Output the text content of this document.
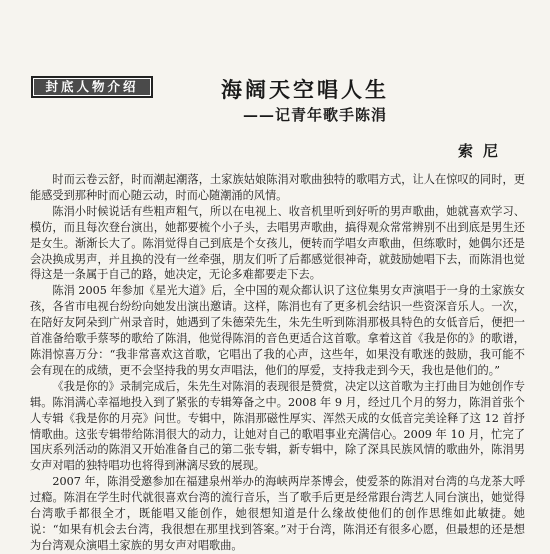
封底人物介绍	海阔天空唱人生
——记青年歌手陈涓
索尼

时而云卷云舒，时而潮起潮落，土家族姑娘陈涓对歌曲独特的歌唱方式，让人在惊叹的同时，更能感受到那种时而心随云动，时而心随潮涌的风情。

陈涓小时候说话有些粗声粗气，所以在电视上、收音机里听到好听的男声歌曲，她就喜欢学习、模仿，而且每次登台演出，她都要梳个小子头，去唱男声歌曲，搞得观众常常辨别不出到底是男生还是女生。渐渐长大了。陈涓觉得自己到底是个女孩儿，便转而学唱女声歌曲，但练歌时，她偶尔还是会决换成男声，并且换的没有一丝牵强，朋友们听了后都感觉很神奇，就鼓励她唱下去，而陈涓也觉得这是一条属于自己的路，她决定，无论多难都要走下去。

陈涓 2005 年参加《星光大道》后，全中国的观众都认识了这位集男女声演唱于一身的土家族女孩，各省市电视台纷纷向她发出演出邀请。这样，陈涓也有了更多机会结识一些资深音乐人。一次，在陪好友阿朵到广州录音时，她遇到了朱德荣先生，朱先生听到陈涓那极具特色的女低音后，便把一首准备给歌手蔡琴的歌给了陈涓，他觉得陈涓的音色更适合这首歌。拿着这首《我是你的》的歌谱，陈涓惊喜万分：“我非常喜欢这首歌，它唱出了我的心声，这些年，如果没有歌迷的鼓励，我可能不会有现在的成绩，更不会坚持我的男女声唱法，他们的厚爱，支持我走到今天，我也是他们的。”

《我是你的》录制完成后，朱先生对陈涓的表现很是赞赏，决定以这首歌为主打曲目为她创作专辑。陈涓满心幸福地投入到了紧张的专辑筹备之中。2008 年 9 月，经过几个月的努力，陈涓首张个人专辑《我是你的月亮》问世。专辑中，陈涓那磁性厚实、浑然天成的女低音完美诠释了这 12 首抒情歌曲。这张专辑带给陈涓很大的动力，让她对自己的歌唱事业充满信心。2009 年 10 月，忙完了国庆系列活动的陈涓又开始准备自己的第二张专辑，新专辑中，除了深具民族风情的歌曲外，陈涓男女声对唱的独特唱功也将得到淋漓尽致的展现。

2007 年，陈涓受邀参加在福建泉州举办的海峡两岸茶博会，使爱茶的陈涓对台湾的乌龙茶大呼过瘾。陈涓在学生时代就很喜欢台湾的流行音乐，当了歌手后更是经常跟台湾艺人同台演出，她觉得台湾歌手都很全才，既能唱又能创作，她很想知道是什么缘故使他们的创作思维如此敏捷。她说：“如果有机会去台湾，我很想在那里找到答案。”对于台湾，陈涓还有很多心愿，但最想的还是想为台湾观众演唱土家族的男女声对唱歌曲。
